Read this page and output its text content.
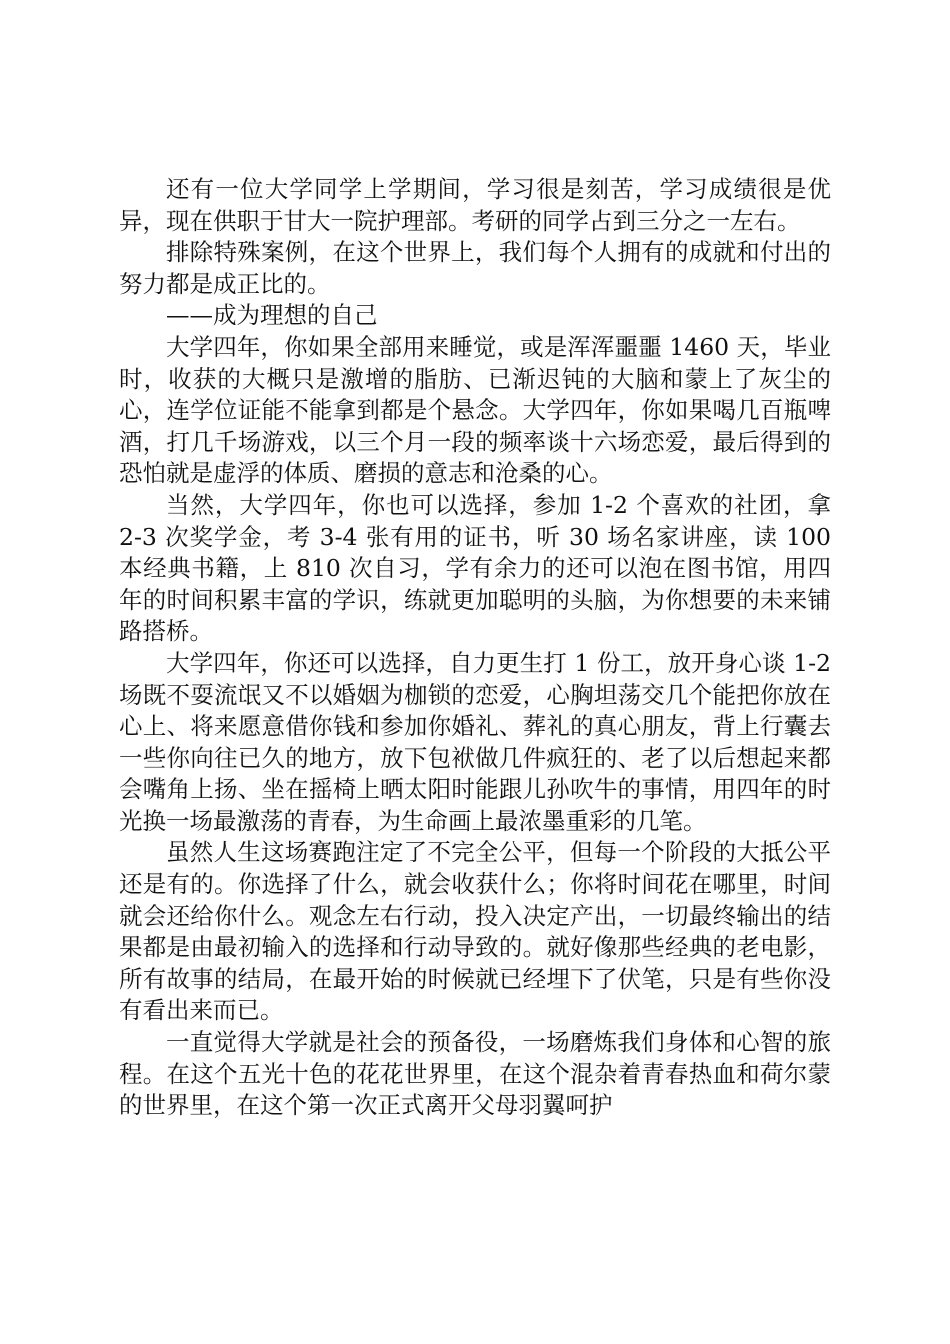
还有一位大学同学上学期间，学习很是刻苦，学习成绩很是优异，现在供职于甘大一院护理部。考研的同学占到三分之一左右。

排除特殊案例，在这个世界上，我们每个人拥有的成就和付出的努力都是成正比的。

——成为理想的自己

大学四年，你如果全部用来睡觉，或是浑浑噩噩 1460 天，毕业时，收获的大概只是激增的脂肪、已渐迟钝的大脑和蒙上了灰尘的心，连学位证能不能拿到都是个悬念。大学四年，你如果喝几百瓶啤酒，打几千场游戏，以三个月一段的频率谈十六场恋爱，最后得到的恐怕就是虚浮的体质、磨损的意志和沧桑的心。

当然，大学四年，你也可以选择，参加 1-2 个喜欢的社团，拿 2-3 次奖学金，考 3-4 张有用的证书，听 30 场名家讲座，读 100 本经典书籍，上 810 次自习，学有余力的还可以泡在图书馆，用四年的时间积累丰富的学识，练就更加聪明的头脑，为你想要的未来铺路搭桥。

大学四年，你还可以选择，自力更生打 1 份工，放开身心谈 1-2 场既不耍流氓又不以婚姻为枷锁的恋爱，心胸坦荡交几个能把你放在心上、将来愿意借你钱和参加你婚礼、葬礼的真心朋友，背上行囊去一些你向往已久的地方，放下包袱做几件疯狂的、老了以后想起来都会嘴角上扬、坐在摇椅上晒太阳时能跟儿孙吹牛的事情，用四年的时光换一场最激荡的青春，为生命画上最浓墨重彩的几笔。

虽然人生这场赛跑注定了不完全公平，但每一个阶段的大抵公平还是有的。你选择了什么，就会收获什么；你将时间花在哪里，时间就会还给你什么。观念左右行动，投入决定产出，一切最终输出的结果都是由最初输入的选择和行动导致的。就好像那些经典的老电影，所有故事的结局，在最开始的时候就已经埋下了伏笔，只是有些你没有看出来而已。

一直觉得大学就是社会的预备役，一场磨炼我们身体和心智的旅程。在这个五光十色的花花世界里，在这个混杂着青春热血和荷尔蒙的世界里，在这个第一次正式离开父母羽翼呵护
